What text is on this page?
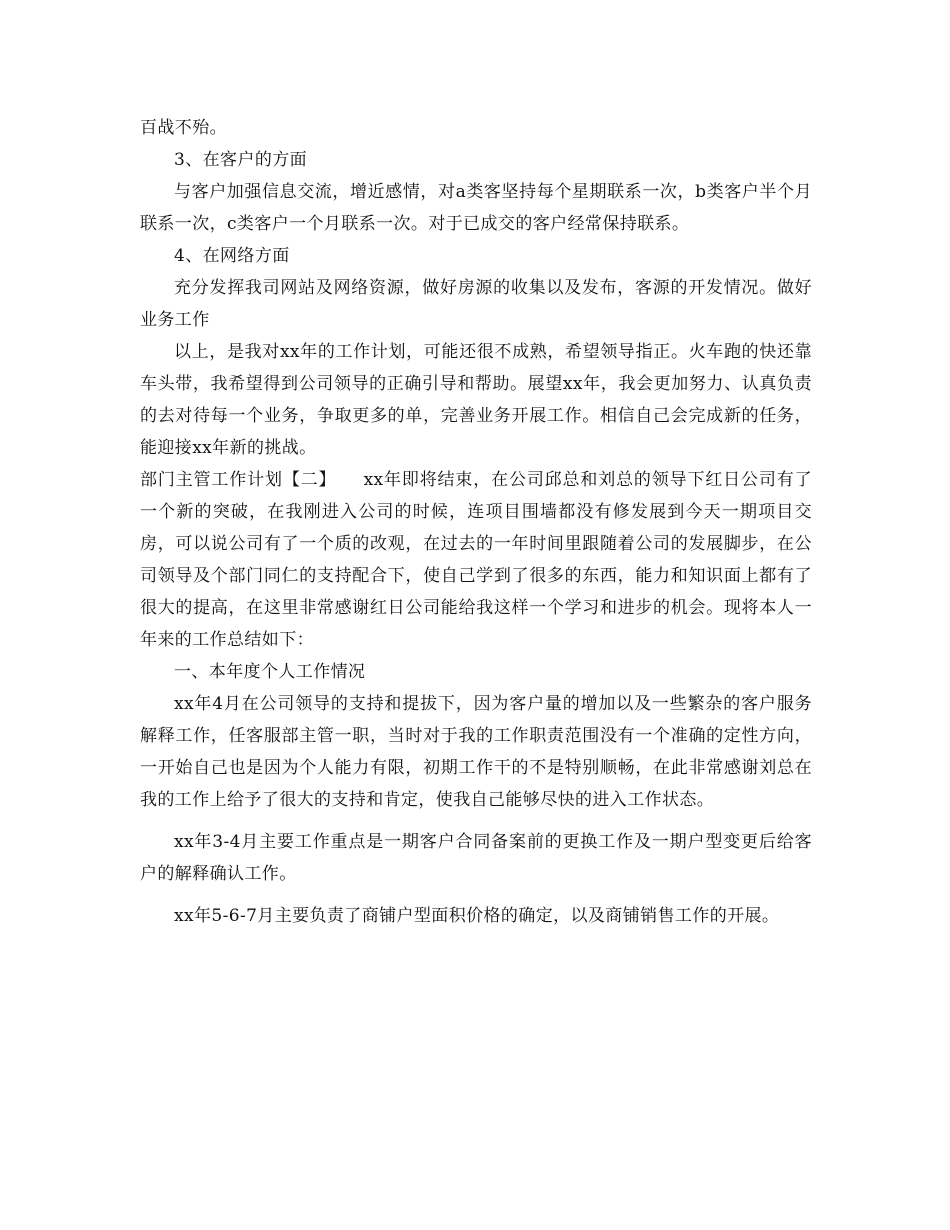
百战不殆。

3、在客户的方面

与客户加强信息交流，增近感情，对a类客坚持每个星期联系一次，b类客户半个月联系一次，c类客户一个月联系一次。对于已成交的客户经常保持联系。

4、在网络方面

充分发挥我司网站及网络资源，做好房源的收集以及发布，客源的开发情况。做好业务工作

以上，是我对xx年的工作计划，可能还很不成熟，希望领导指正。火车跑的快还靠车头带，我希望得到公司领导的正确引导和帮助。展望xx年，我会更加努力、认真负责的去对待每一个业务，争取更多的单，完善业务开展工作。相信自己会完成新的任务，能迎接xx年新的挑战。

部门主管工作计划【二】　　xx年即将结束，在公司邱总和刘总的领导下红日公司有了一个新的突破，在我刚进入公司的时候，连项目围墙都没有修发展到今天一期项目交房，可以说公司有了一个质的改观，在过去的一年时间里跟随着公司的发展脚步，在公司领导及个部门同仁的支持配合下，使自己学到了很多的东西，能力和知识面上都有了很大的提高，在这里非常感谢红日公司能给我这样一个学习和进步的机会。现将本人一年来的工作总结如下：

一、本年度个人工作情况

xx年4月在公司领导的支持和提拔下，因为客户量的增加以及一些繁杂的客户服务解释工作，任客服部主管一职，当时对于我的工作职责范围没有一个准确的定性方向，一开始自己也是因为个人能力有限，初期工作干的不是特别顺畅，在此非常感谢刘总在我的工作上给予了很大的支持和肯定，使我自己能够尽快的进入工作状态。

xx年3-4月主要工作重点是一期客户合同备案前的更换工作及一期户型变更后给客户的解释确认工作。

xx年5-6-7月主要负责了商铺户型面积价格的确定，以及商铺销售工作的开展。
